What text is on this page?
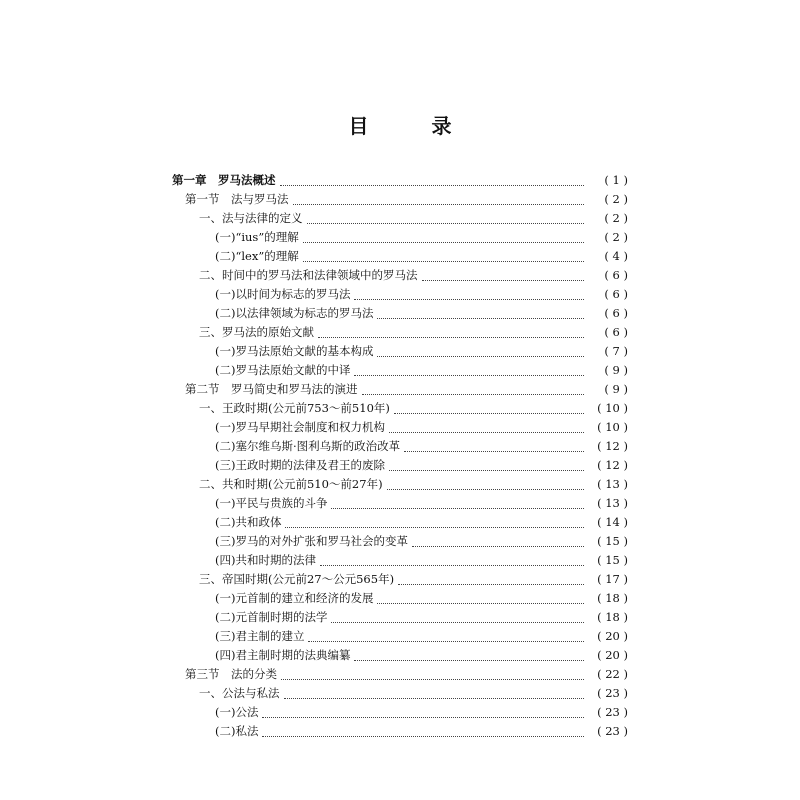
目 录
第一章　罗马法概述	( 1 )
第一节　法与罗马法	( 2 )
一、法与法律的定义	( 2 )
(一)“ius”的理解	( 2 )
(二)“lex”的理解	( 4 )
二、时间中的罗马法和法律领域中的罗马法	( 6 )
(一)以时间为标志的罗马法	( 6 )
(二)以法律领域为标志的罗马法	( 6 )
三、罗马法的原始文献	( 6 )
(一)罗马法原始文献的基本构成	( 7 )
(二)罗马法原始文献的中译	( 9 )
第二节　罗马简史和罗马法的演进	( 9 )
一、王政时期(公元前753～前510年)	( 10 )
(一)罗马早期社会制度和权力机构	( 10 )
(二)塞尔维乌斯·图利乌斯的政治改革	( 12 )
(三)王政时期的法律及君王的废除	( 12 )
二、共和时期(公元前510～前27年)	( 13 )
(一)平民与贵族的斗争	( 13 )
(二)共和政体	( 14 )
(三)罗马的对外扩张和罗马社会的变革	( 15 )
(四)共和时期的法律	( 15 )
三、帝国时期(公元前27～公元565年)	( 17 )
(一)元首制的建立和经济的发展	( 18 )
(二)元首制时期的法学	( 18 )
(三)君主制的建立	( 20 )
(四)君主制时期的法典编纂	( 20 )
第三节　法的分类	( 22 )
一、公法与私法	( 23 )
(一)公法	( 23 )
(二)私法	( 23 )
